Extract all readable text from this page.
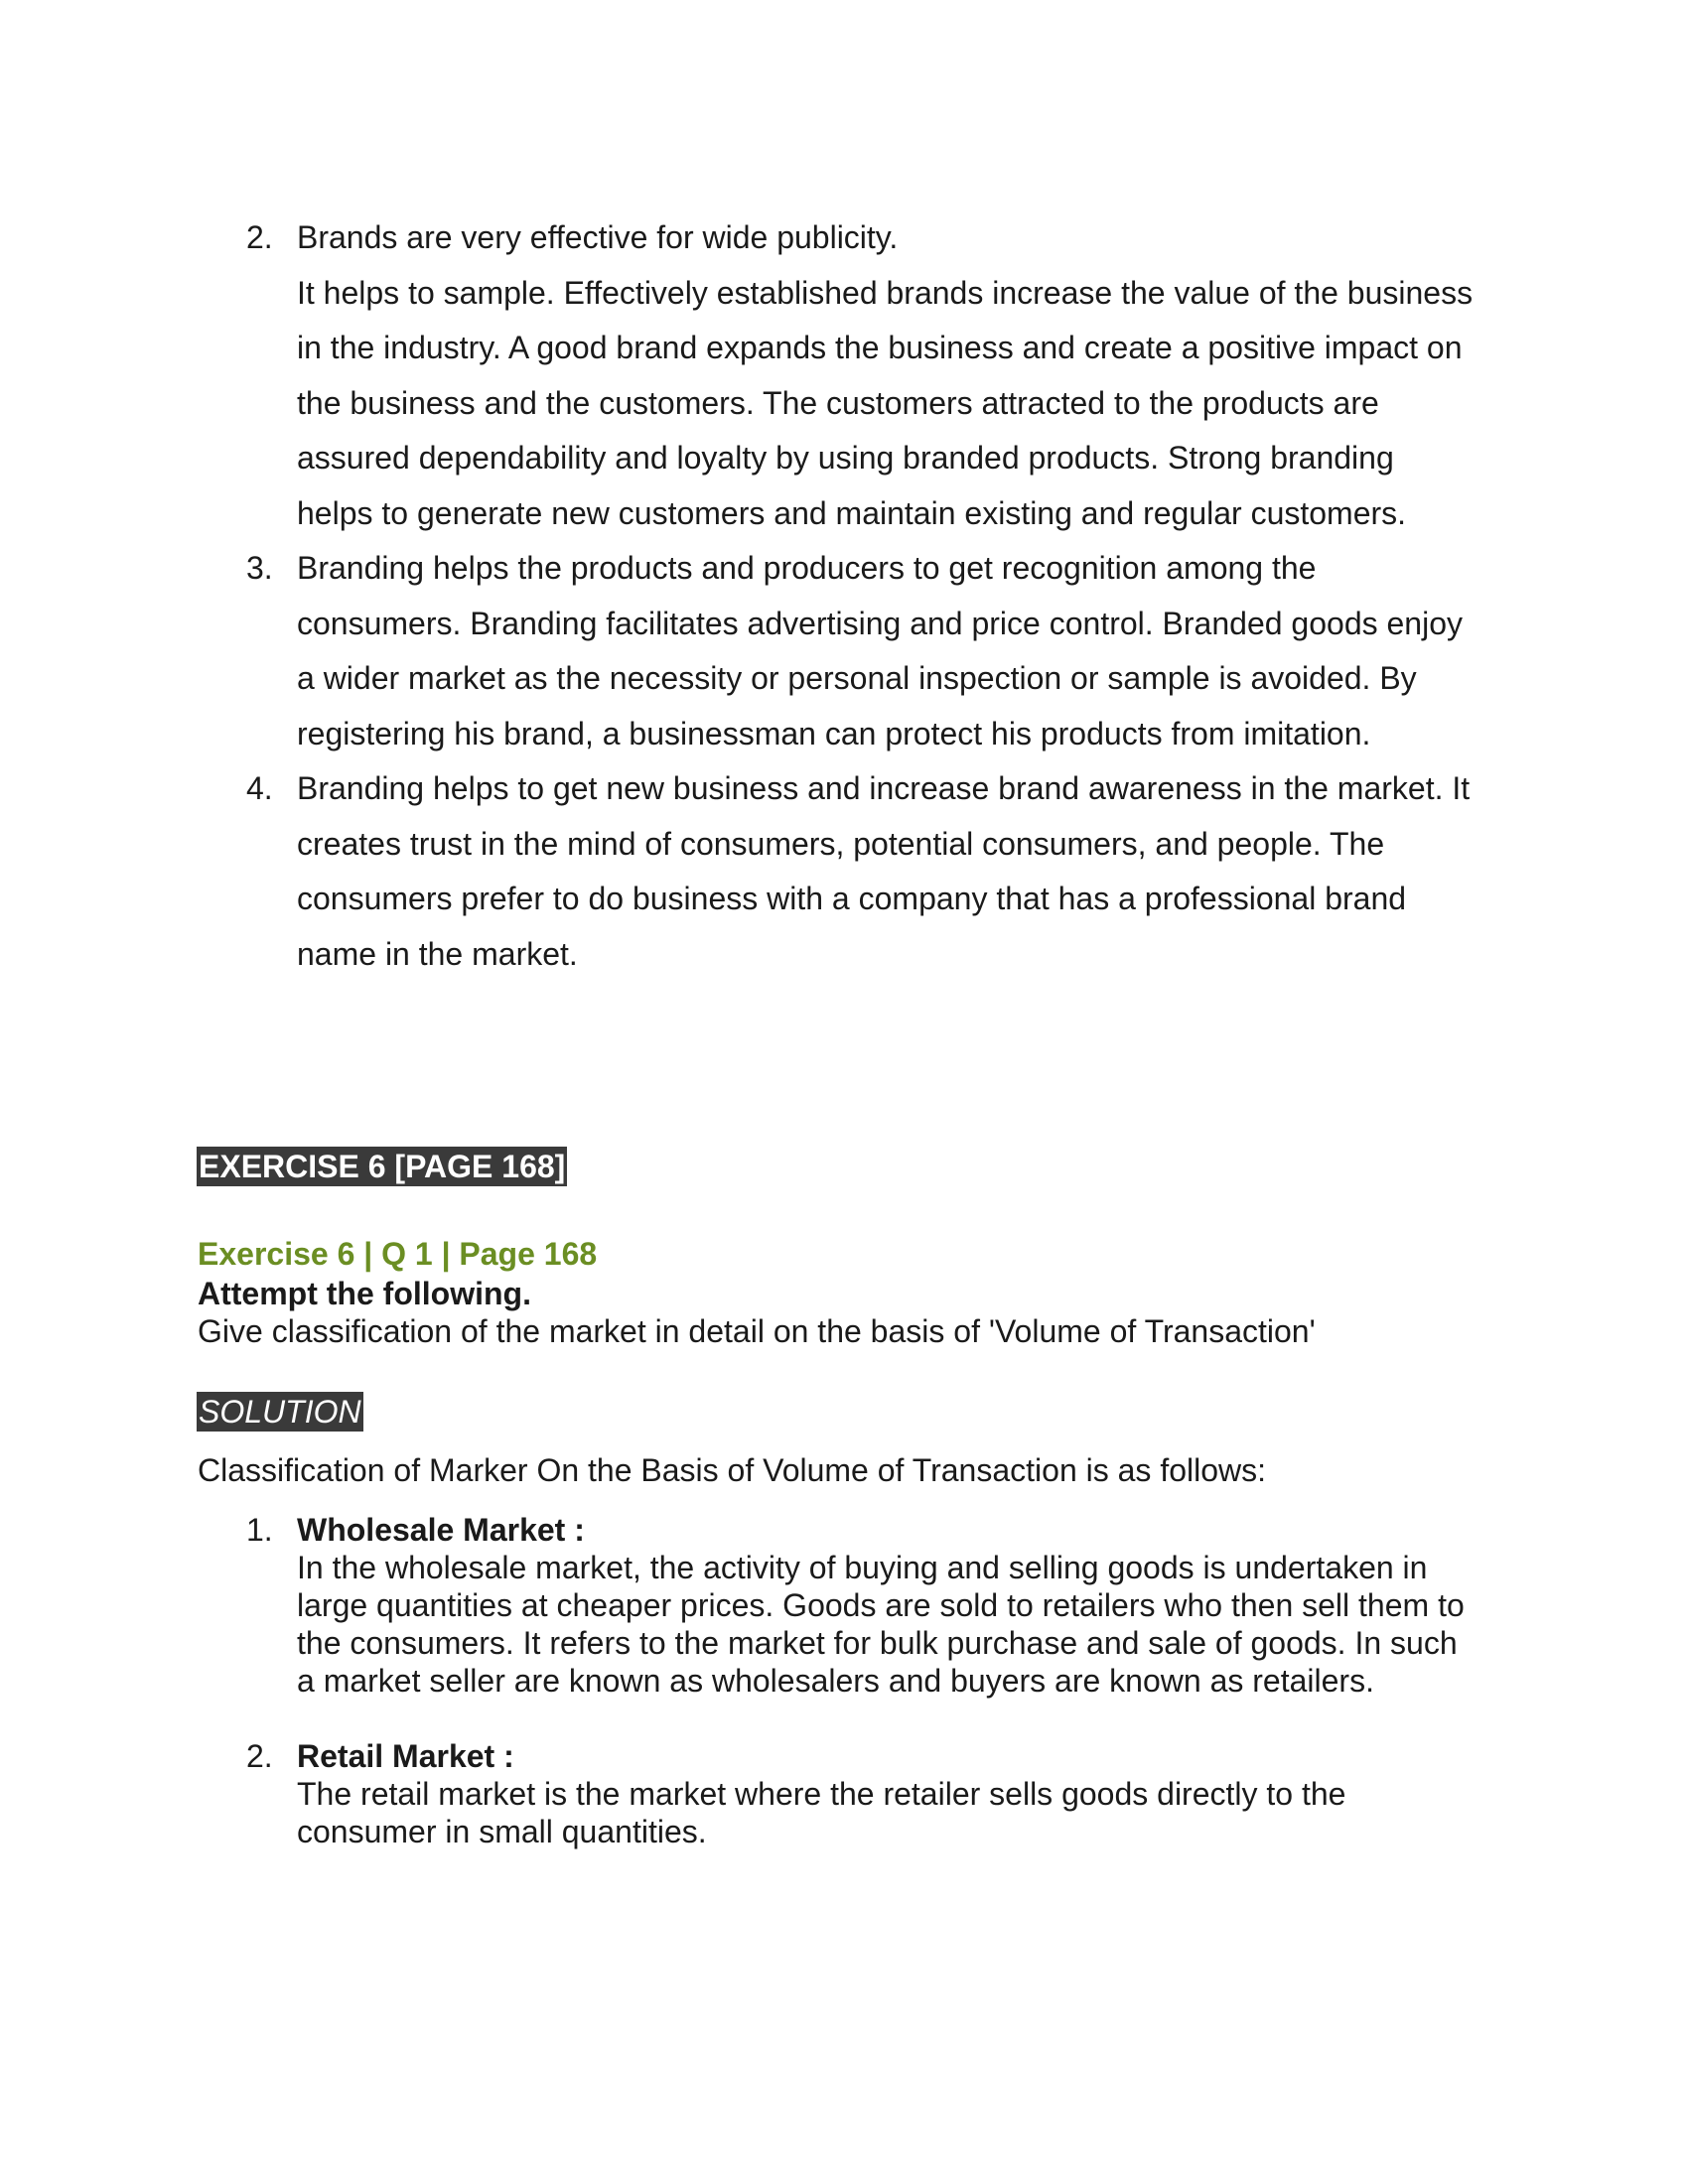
2. Brands are very effective for wide publicity.
It helps to sample. Effectively established brands increase the value of the business in the industry. A good brand expands the business and create a positive impact on the business and the customers. The customers attracted to the products are assured dependability and loyalty by using branded products. Strong branding helps to generate new customers and maintain existing and regular customers.
3. Branding helps the products and producers to get recognition among the consumers. Branding facilitates advertising and price control. Branded goods enjoy a wider market as the necessity or personal inspection or sample is avoided. By registering his brand, a businessman can protect his products from imitation.
4. Branding helps to get new business and increase brand awareness in the market. It creates trust in the mind of consumers, potential consumers, and people. The consumers prefer to do business with a company that has a professional brand name in the market.
EXERCISE 6 [PAGE 168]
Exercise 6 | Q 1 | Page 168
Attempt the following.
Give classification of the market in detail on the basis of 'Volume of Transaction'
SOLUTION
Classification of Marker On the Basis of Volume of Transaction is as follows:
1. Wholesale Market :
In the wholesale market, the activity of buying and selling goods is undertaken in large quantities at cheaper prices. Goods are sold to retailers who then sell them to the consumers. It refers to the market for bulk purchase and sale of goods. In such a market seller are known as wholesalers and buyers are known as retailers.
2. Retail Market :
The retail market is the market where the retailer sells goods directly to the consumer in small quantities.
